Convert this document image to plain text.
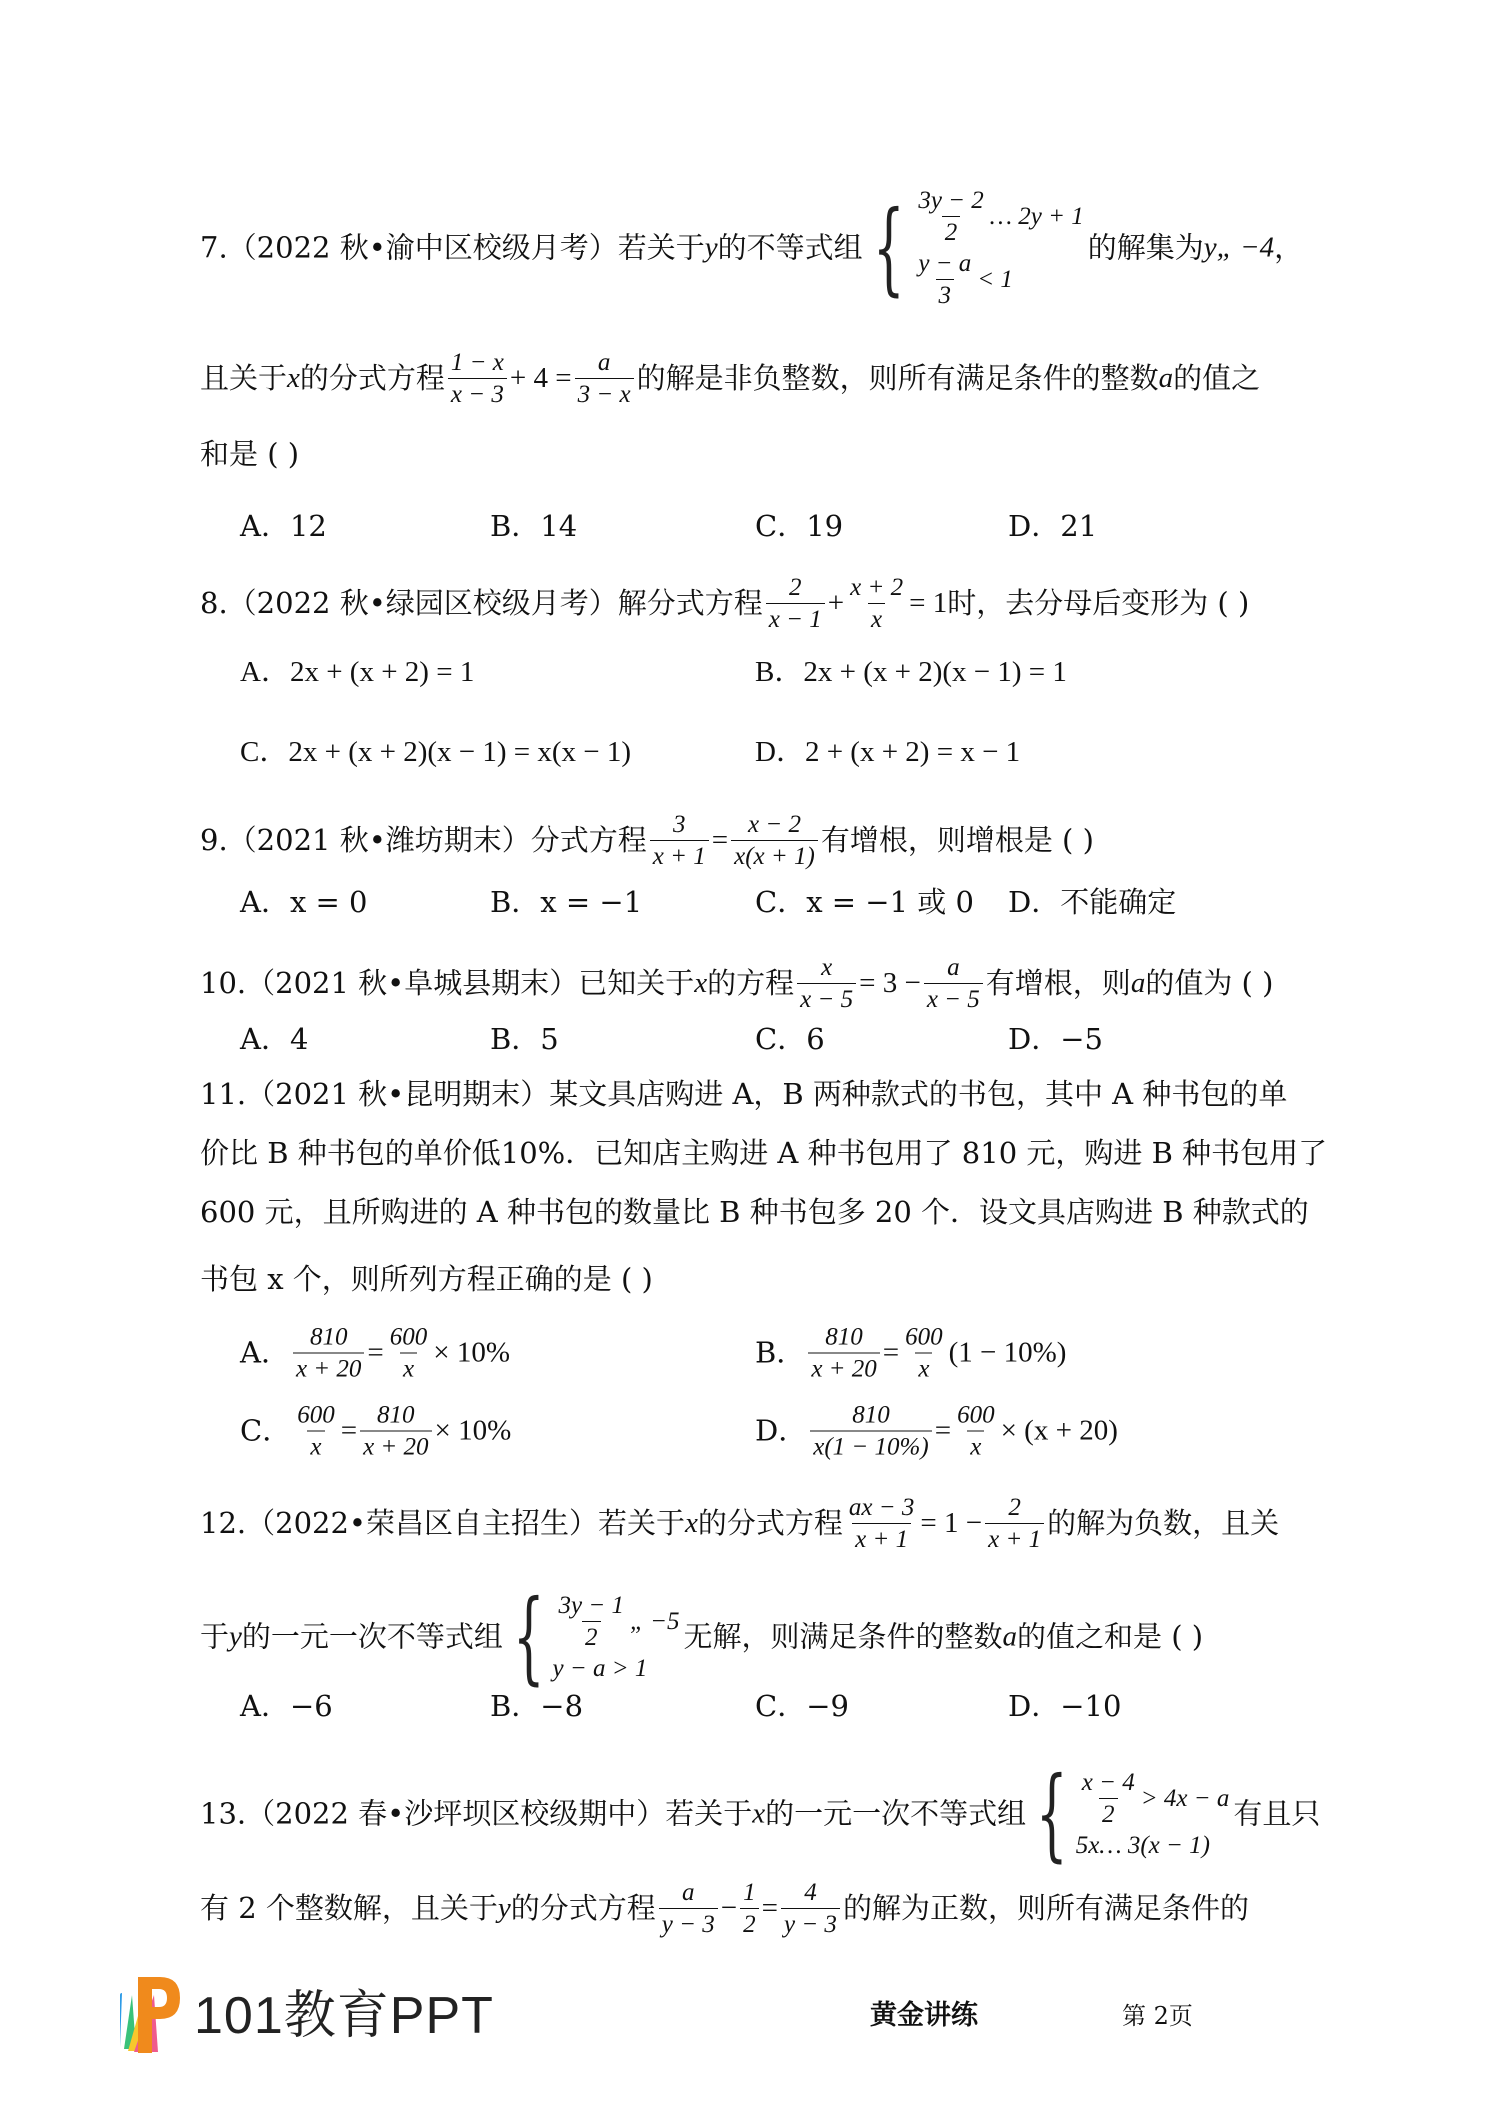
7.（2022 秋•渝中区校级月考）若关于y的不等式组 { $\frac{3y - 2}{2}$ … 2y + 1
$\frac{y - a}{3} < 1$
的解集为y„ −4，
且关于x的分式方程 $\frac{1 - x}{x - 3} + 4 = \frac{a}{3 - x}$ 的解是非负整数，则所有满足条件的整数a的值之
和是 ( )
A．12	B．14	C．19	D．21
8.（2022 秋•绿园区校级月考）解分式方程 $\frac{2}{x - 1} + \frac{x + 2}{x} = 1$时，去分母后变形为 ( )
A．2x + (x + 2) = 1	B．2x + (x + 2)(x − 1) = 1
C．2x + (x + 2)(x − 1) = x(x − 1)	D．2 + (x + 2) = x − 1
9.（2021 秋•潍坊期末）分式方程 $\frac{3}{x + 1} = \frac{x - 2}{x(x + 1)}$ 有增根，则增根是 ( )
A．x = 0	B．x = −1	C．x = −1 或 0 D．不能确定
10.（2021 秋•阜城县期末）已知关于x的方程 $\frac{x}{x - 5} = 3 - \frac{a}{x - 5}$ 有增根，则a的值为 ( )
A．4	B．5	C．6	D．−5
11.（2021 秋•昆明期末）某文具店购进 A，B 两种款式的书包，其中 A 种书包的单
价比 B 种书包的单价低10%．已知店主购进 A 种书包用了 810 元，购进 B 种书包用了
600 元，且所购进的 A 种书包的数量比 B 种书包多 20 个．设文具店购进 B 种款式的
书包 x 个，则所列方程正确的是 ( )
A． $\frac{810}{x + 20} = \frac{600}{x} \times 10\%$	B． $\frac{810}{x + 20} = \frac{600}{x} (1 - 10\%)$
C． $\frac{600}{x} = \frac{810}{x + 20} \times 10\%$	D． $\frac{810}{x(1 - 10\%)} = \frac{600}{x} \times (x + 20)$
12.（2022•荣昌区自主招生）若关于x的分式方程 $\frac{ax - 3}{x + 1} = 1 - \frac{2}{x + 1}$ 的解为负数，且关
于y的一元一次不等式组 { $\frac{3y - 1}{2}$ „ −5
y − a > 1
无解，则满足条件的整数a的值之和是 ( )
A．−6	B．−8	C．−9	D．−10
13.（2022 春•沙坪坝区校级期中）若关于x的一元一次不等式组 { $\frac{x - 4}{2} > 4x - a$
5x… 3(x − 1)
有且只
有 2 个整数解，且关于y的分式方程 $\frac{a}{y - 3} - \frac{1}{2} = \frac{4}{y - 3}$ 的解为正数，则所有满足条件的
101教育PPT	黄金讲练	第 2页
